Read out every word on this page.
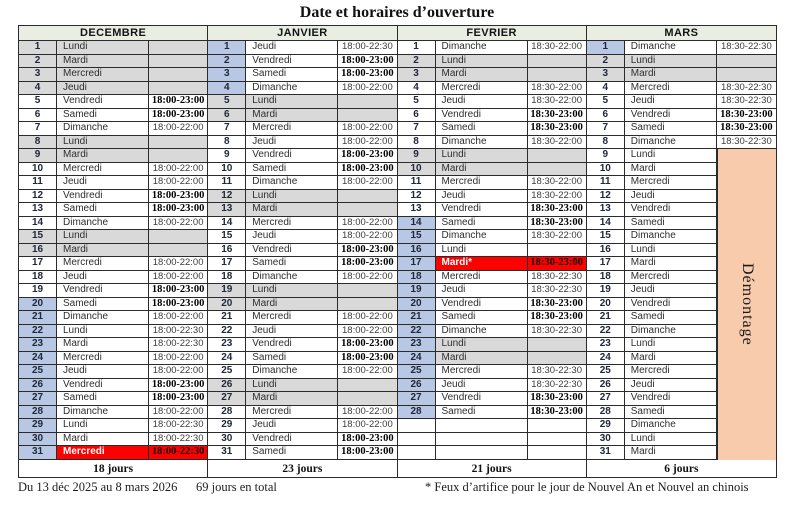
Date et horaires d’ouverture
DECEMBRE
1	Lundi
2	Mardi
3	Mercredi
4	Jeudi
5	Vendredi	18:00-23:00
6	Samedi	18:00-23:00
7	Dimanche	18:00-22:00
8	Lundi
9	Mardi
10	Mercredi	18:00-22:00
11	Jeudi	18:00-22:00
12	Vendredi	18:00-23:00
13	Samedi	18:00-23:00
14	Dimanche	18:00-22:00
15	Lundi
16	Mardi
17	Mercredi	18:00-22:00
18	Jeudi	18:00-22:00
19	Vendredi	18:00-23:00
20	Samedi	18:00-23:00
21	Dimanche	18:00-22:00
22	Lundi	18:00-22:30
23	Mardi	18:00-22:30
24	Mercredi	18:00-22:00
25	Jeudi	18:00-22:00
26	Vendredi	18:00-23:00
27	Samedi	18:00-23:00
28	Dimanche	18:00-22:00
29	Lundi	18:00-22:30
30	Mardi	18:00-22:30
31	Mercredi	18:00-22:30
18 jours
JANVIER
1	Jeudi	18:00-22:30
2	Vendredi	18:00-23:00
3	Samedi	18:00-23:00
4	Dimanche	18:00-22:00
5	Lundi
6	Mardi
7	Mercredi	18:00-22:00
8	Jeudi	18:00-22:00
9	Vendredi	18:00-23:00
10	Samedi	18:00-23:00
11	Dimanche	18:00-22:00
12	Lundi
13	Mardi
14	Mercredi	18:00-22:00
15	Jeudi	18:00-22:00
16	Vendredi	18:00-23:00
17	Samedi	18:00-23:00
18	Dimanche	18:00-22:00
19	Lundi
20	Mardi
21	Mercredi	18:00-22:00
22	Jeudi	18:00-22:00
23	Vendredi	18:00-23:00
24	Samedi	18:00-23:00
25	Dimanche	18:00-22:00
26	Lundi
27	Mardi
28	Mercredi	18:00-22:00
29	Jeudi	18:00-22:00
30	Vendredi	18:00-23:00
31	Samedi	18:00-23:00
23 jours
FEVRIER
1	Dimanche	18:30-22:00
2	Lundi
3	Mardi
4	Mercredi	18:30-22:00
5	Jeudi	18:30-22:00
6	Vendredi	18:30-23:00
7	Samedi	18:30-23:00
8	Dimanche	18:30-22:00
9	Lundi
10	Mardi
11	Mercredi	18:30-22:00
12	Jeudi	18:30-22:00
13	Vendredi	18:30-23:00
14	Samedi	18:30-23:00
15	Dimanche	18:30-22:00
16	Lundi
17	Mardi*	18:30-23:00
18	Mercredi	18:30-22:30
19	Jeudi	18:30-22:30
20	Vendredi	18:30-23:00
21	Samedi	18:30-23:00
22	Dimanche	18:30-22:30
23	Lundi
24	Mardi
25	Mercredi	18:30-22:30
26	Jeudi	18:30-22:30
27	Vendredi	18:30-23:00
28	Samedi	18:30-23:00
21 jours
MARS
1	Dimanche	18:30-22:30
2	Lundi
3	Mardi
4	Mercredi	18:30-22:30
5	Jeudi	18:30-22:30
6	Vendredi	18:30-23:00
7	Samedi	18:30-23:00
8	Dimanche	18:30-22:30
9	Lundi
10	Mardi
11	Mercredi
12	Jeudi
13	Vendredi
14	Samedi
15	Dimanche
16	Lundi
17	Mardi
18	Mercredi
19	Jeudi
20	Vendredi
21	Samedi
22	Dimanche
23	Lundi
24	Mardi
25	Mercredi
26	Jeudi
27	Vendredi
28	Samedi
29	Dimanche
30	Lundi
31	Mardi
6 jours
Démontage
Du 13 déc 2025 au 8 mars 2026 69 jours en total	* Feux d’artifice pour le jour de Nouvel An et Nouvel an chinois
